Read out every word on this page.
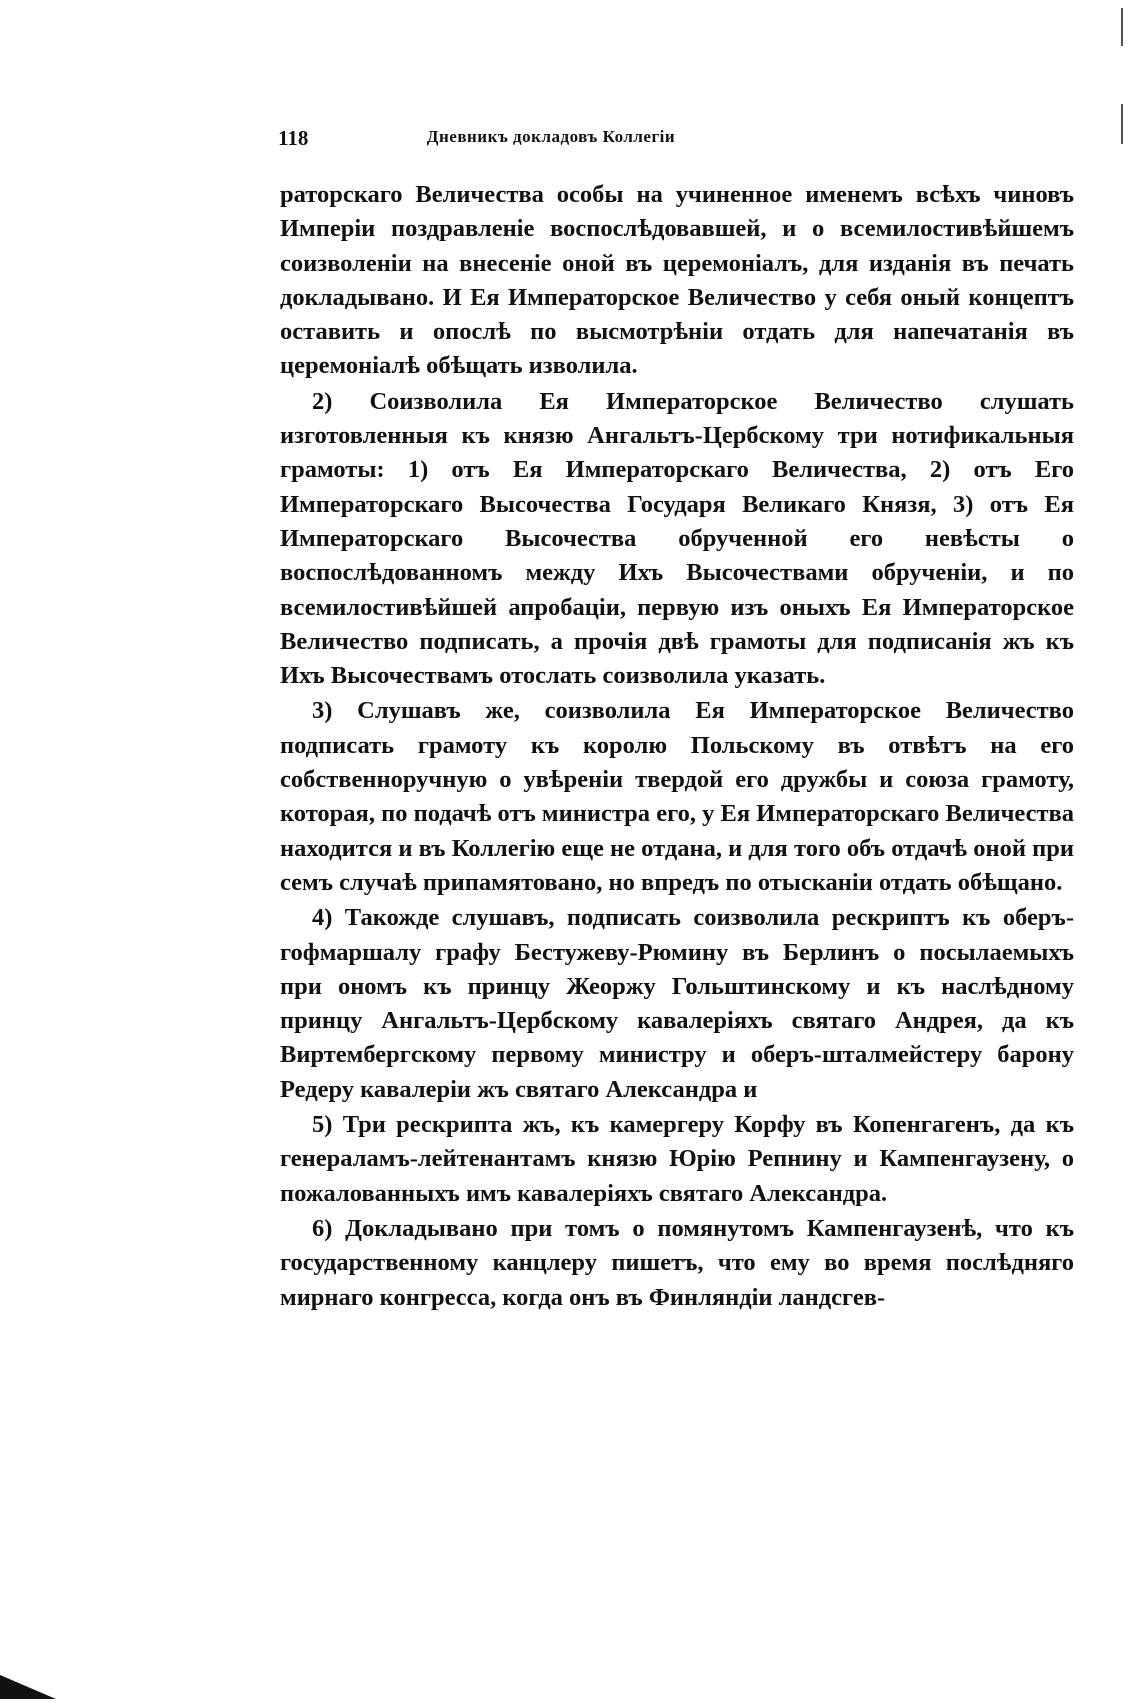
118	Дневникъ докладовъ Коллегіи

раторскаго Величества особы на учиненное именемъ всѣхъ чиновъ Имперіи поздравленіе воспослѣдовавшей, и о всемилостивѣйшемъ соизволеніи на внесеніе оной въ церемоніалъ, для изданія въ печать докладывано. И Ея Императорское Величество у себя оный концептъ оставить и опослѣ по высмотрѣніи отдать для напечатанія въ церемоніалѣ обѣщать изволила.

2) Соизволила Ея Императорское Величество слушать изготовленныя къ князю Ангальтъ-Цербскому три нотификальныя грамоты: 1) отъ Ея Императорскаго Величества, 2) отъ Его Императорскаго Высочества Государя Великаго Князя, 3) отъ Ея Императорскаго Высочества обрученной его невѣсты о воспослѣдованномъ между Ихъ Высочествами обрученіи, и по всемилостивѣйшей апробаціи, первую изъ оныхъ Ея Императорское Величество подписать, а прочія двѣ грамоты для подписанія жъ къ Ихъ Высочествамъ отослать соизволила указать.

3) Слушавъ же, соизволила Ея Императорское Величество подписать грамоту къ королю Польскому въ отвѣтъ на его собственноручную о увѣреніи твердой его дружбы и союза грамоту, которая, по подачѣ отъ министра его, у Ея Императорскаго Величества находится и въ Коллегію еще не отдана, и для того объ отдачѣ оной при семъ случаѣ припамятовано, но впредъ по отысканіи отдать обѣщано.

4) Такожде слушавъ, подписать соизволила рескриптъ къ оберъ-гофмаршалу графу Бестужеву-Рюмину въ Берлинъ о посылаемыхъ при ономъ къ принцу Жеоржу Гольштинскому и къ наслѣдному принцу Ангальтъ-Цербскому кавалеріяхъ святаго Андрея, да къ Виртембергскому первому министру и оберъ-шталмейстеру барону Редеру кавалеріи жъ святаго Александра и

5) Три рескрипта жъ, къ камергеру Корфу въ Копенгагенъ, да къ генераламъ-лейтенантамъ князю Юрію Репнину и Кампенгаузену, о пожалованныхъ имъ кавалеріяхъ святаго Александра.

6) Докладывано при томъ о помянутомъ Кампенгаузенѣ, что къ государственному канцлеру пишетъ, что ему во время послѣдняго мирнаго конгресса, когда онъ въ Финляндіи ландсгев-
